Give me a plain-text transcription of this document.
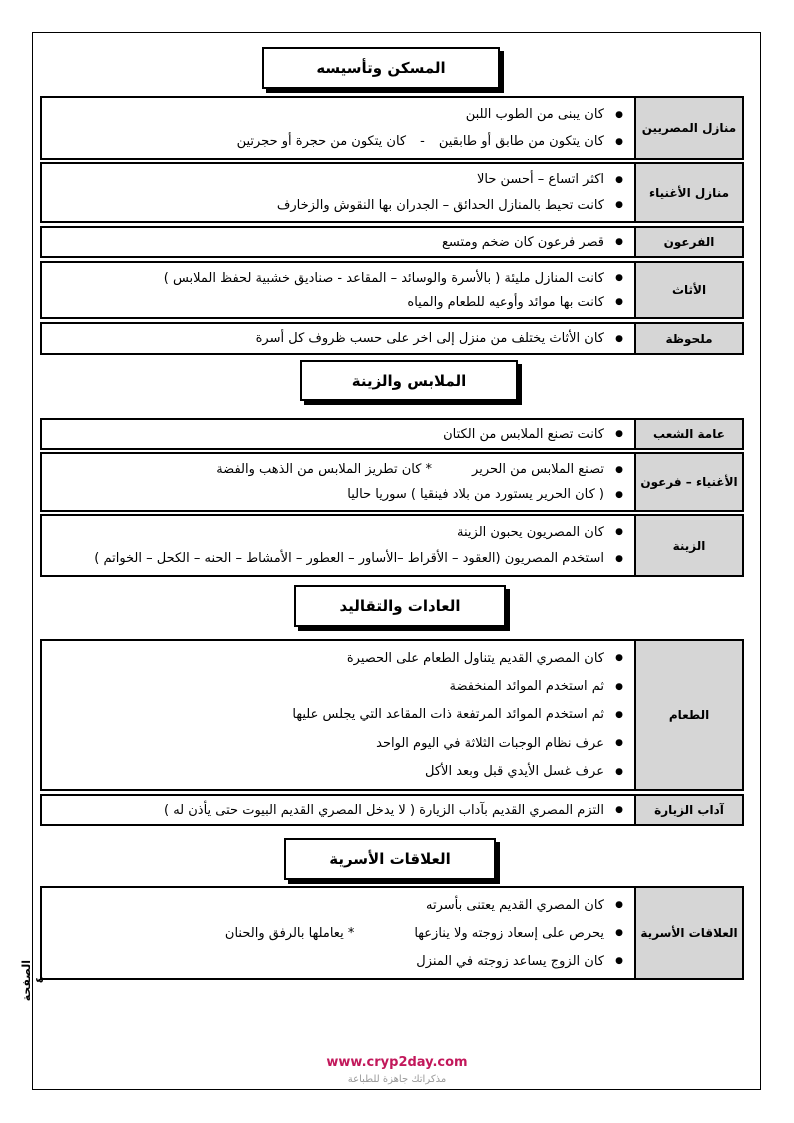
المسكن وتأسيسه
منازل المصريين
●
كان يبنى من الطوب اللبن
●
كان يتكون من طابق أو طابقين
-
كان يتكون من حجرة أو حجرتين
منازل الأغنياء
●
اكثر اتساع – أحسن حالا
●
كانت تحيط بالمنازل الحدائق – الجدران بها النقوش والزخارف
الفرعون
●
قصر فرعون كان ضخم ومتسع
الأثاث
●
كانت المنازل مليئة ( بالأسرة والوسائد – المقاعد - صناديق خشبية لحفظ الملابس )
●
كانت بها موائد وأوعيه للطعام والمياه
ملحوظة
●
كان الأثاث يختلف من منزل إلى اخر على حسب ظروف كل أسرة
الملابس والزينة
عامة الشعب
●
كانت تصنع الملابس من الكتان
الأغنياء – فرعون
●
تصنع الملابس من الحرير
* كان تطريز الملابس من الذهب والفضة
●
( كان الحرير يستورد من بلاد فينقيا ) سوريا حاليا
الزينة
●
كان المصريون يحبون الزينة
●
استخدم المصريون (العقود – الأقراط –الأساور – العطور – الأمشاط – الحنه – الكحل – الخواتم )
العادات والتقاليد
الطعام
●
كان المصري القديم يتناول الطعام على الحصيرة
●
ثم استخدم الموائد المنخفضة
●
ثم استخدم الموائد المرتفعة ذات المقاعد التي يجلس عليها
●
عرف نظام الوجبات الثلاثة في اليوم الواحد
●
عرف غسل الأيدي قبل وبعد الأكل
آداب الزيارة
●
التزم المصري القديم بآداب الزيارة ( لا يدخل المصري القديم البيوت حتى يأذن له )
العلاقات الأسرية
العلاقات الأسرية
●
كان المصري القديم يعتنى بأسرته
●
يحرص على إسعاد زوجته ولا ينازعها
* يعاملها بالرفق والحنان
●
كان الزوج يساعد زوجته في المنزل
الصفحة ٤
www.cryp2day.com
مذكراتك جاهزة للطباعة
